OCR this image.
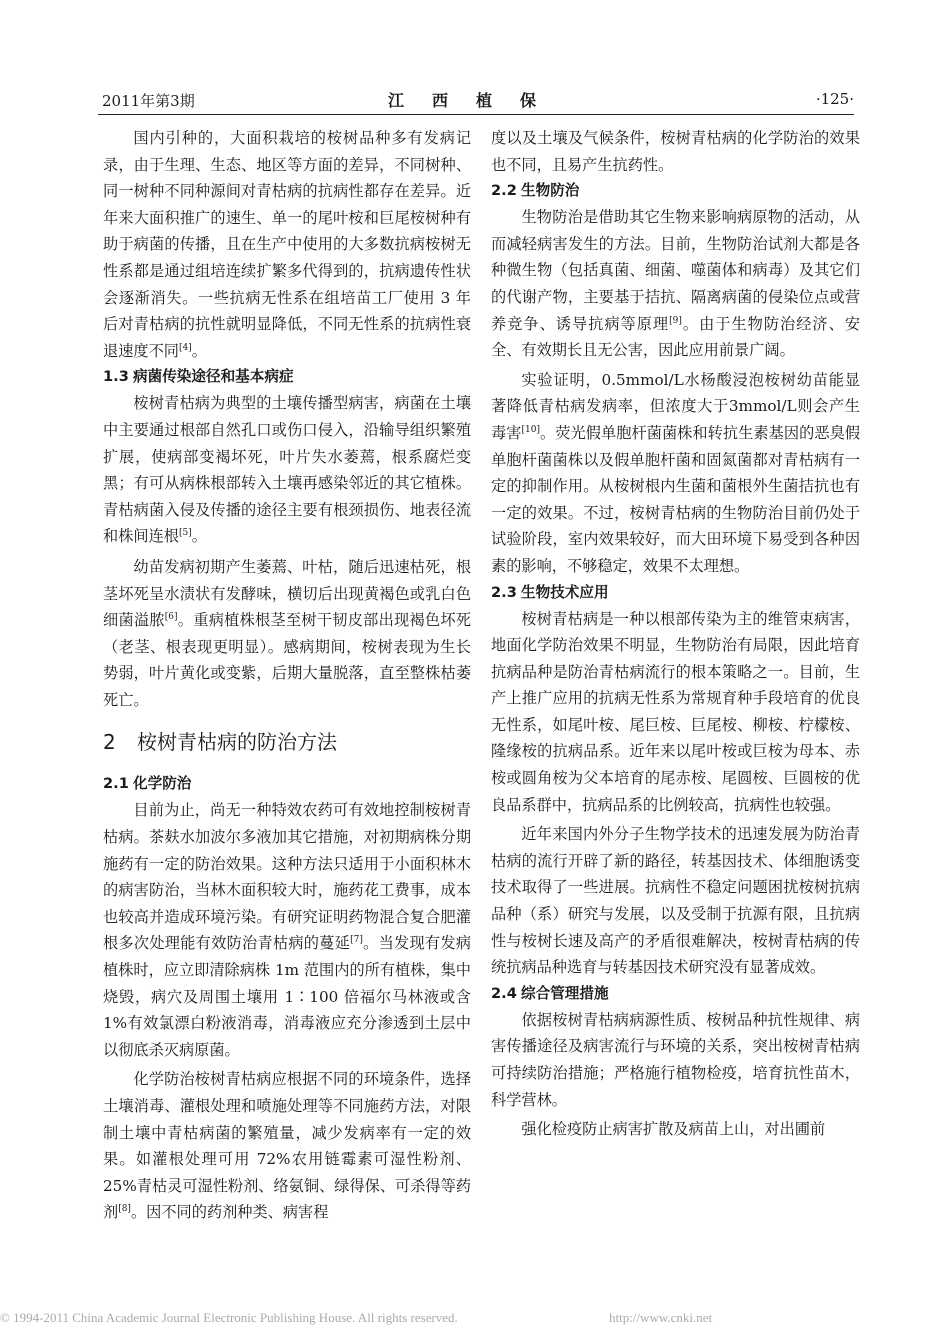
2011年第3期	江西植保	·125·

国内引种的，大面积栽培的桉树品种多有发病记录，由于生理、生态、地区等方面的差异，不同树种、同一树种不同种源间对青枯病的抗病性都存在差异。近年来大面积推广的速生、单一的尾叶桉和巨尾桉树种有助于病菌的传播，且在生产中使用的大多数抗病桉树无性系都是通过组培连续扩繁多代得到的，抗病遗传性状会逐渐消失。一些抗病无性系在组培苗工厂使用 3 年后对青枯病的抗性就明显降低，不同无性系的抗病性衰退速度不同[4]。

1.3 病菌传染途径和基本病症

桉树青枯病为典型的土壤传播型病害，病菌在土壤中主要通过根部自然孔口或伤口侵入，沿输导组织繁殖扩展，使病部变褐坏死，叶片失水萎蔫，根系腐烂变黑；有可从病株根部转入土壤再感染邻近的其它植株。青枯病菌入侵及传播的途径主要有根颈损伤、地表径流和株间连根[5]。

幼苗发病初期产生萎蔫、叶枯，随后迅速枯死，根茎坏死呈水渍状有发酵味，横切后出现黄褐色或乳白色细菌溢脓[6]。重病植株根茎至树干韧皮部出现褐色坏死（老茎、根表现更明显）。感病期间，桉树表现为生长势弱，叶片黄化或变紫，后期大量脱落，直至整株枯萎死亡。

2 桉树青枯病的防治方法
2.1 化学防治

目前为止，尚无一种特效农药可有效地控制桉树青枯病。茶麸水加波尔多液加其它措施，对初期病株分期施药有一定的防治效果。这种方法只适用于小面积林木的病害防治，当林木面积较大时，施药花工费事，成本也较高并造成环境污染。有研究证明药物混合复合肥灌根多次处理能有效防治青枯病的蔓延[7]。当发现有发病植株时，应立即清除病株 1m 范围内的所有植株，集中烧毁，病穴及周围土壤用 1∶100 倍福尔马林液或含 1%有效氯漂白粉液消毒，消毒液应充分渗透到土层中以彻底杀灭病原菌。

化学防治桉树青枯病应根据不同的环境条件，选择土壤消毒、灌根处理和喷施处理等不同施药方法，对限制土壤中青枯病菌的繁殖量，减少发病率有一定的效果。如灌根处理可用 72%农用链霉素可湿性粉剂、25%青枯灵可湿性粉剂、络氨铜、绿得保、可杀得等药剂[8]。因不同的药剂种类、病害程

度以及土壤及气候条件，桉树青枯病的化学防治的效果也不同，且易产生抗药性。

2.2 生物防治

生物防治是借助其它生物来影响病原物的活动，从而减轻病害发生的方法。目前，生物防治试剂大都是各种微生物（包括真菌、细菌、噬菌体和病毒）及其它们的代谢产物，主要基于拮抗、隔离病菌的侵染位点或营养竞争、诱导抗病等原理[9]。由于生物防治经济、安全、有效期长且无公害，因此应用前景广阔。

实验证明，0.5mmol/L水杨酸浸泡桉树幼苗能显著降低青枯病发病率，但浓度大于3mmol/L则会产生毒害[10]。荧光假单胞杆菌菌株和转抗生素基因的恶臭假单胞杆菌菌株以及假单胞杆菌和固氮菌都对青枯病有一定的抑制作用。从桉树根内生菌和菌根外生菌拮抗也有一定的效果。不过，桉树青枯病的生物防治目前仍处于试验阶段，室内效果较好，而大田环境下易受到各种因素的影响，不够稳定，效果不太理想。

2.3 生物技术应用

桉树青枯病是一种以根部传染为主的维管束病害，地面化学防治效果不明显，生物防治有局限，因此培育抗病品种是防治青枯病流行的根本策略之一。目前，生产上推广应用的抗病无性系为常规育种手段培育的优良无性系，如尾叶桉、尾巨桉、巨尾桉、柳桉、柠檬桉、隆缘桉的抗病品系。近年来以尾叶桉或巨桉为母本、赤桉或圆角桉为父本培育的尾赤桉、尾圆桉、巨圆桉的优良品系群中，抗病品系的比例较高，抗病性也较强。

近年来国内外分子生物学技术的迅速发展为防治青枯病的流行开辟了新的路径，转基因技术、体细胞诱变技术取得了一些进展。抗病性不稳定问题困扰桉树抗病品种（系）研究与发展，以及受制于抗源有限，且抗病性与桉树长速及高产的矛盾很难解决，桉树青枯病的传统抗病品种选育与转基因技术研究没有显著成效。

2.4 综合管理措施

依据桉树青枯病病源性质、桉树品种抗性规律、病害传播途径及病害流行与环境的关系，突出桉树青枯病可持续防治措施；严格施行植物检疫，培育抗性苗木，科学营林。

强化检疫防止病害扩散及病苗上山，对出圃前

© 1994-2011 China Academic Journal Electronic Publishing House. All rights reserved.	http://www.cnki.net
